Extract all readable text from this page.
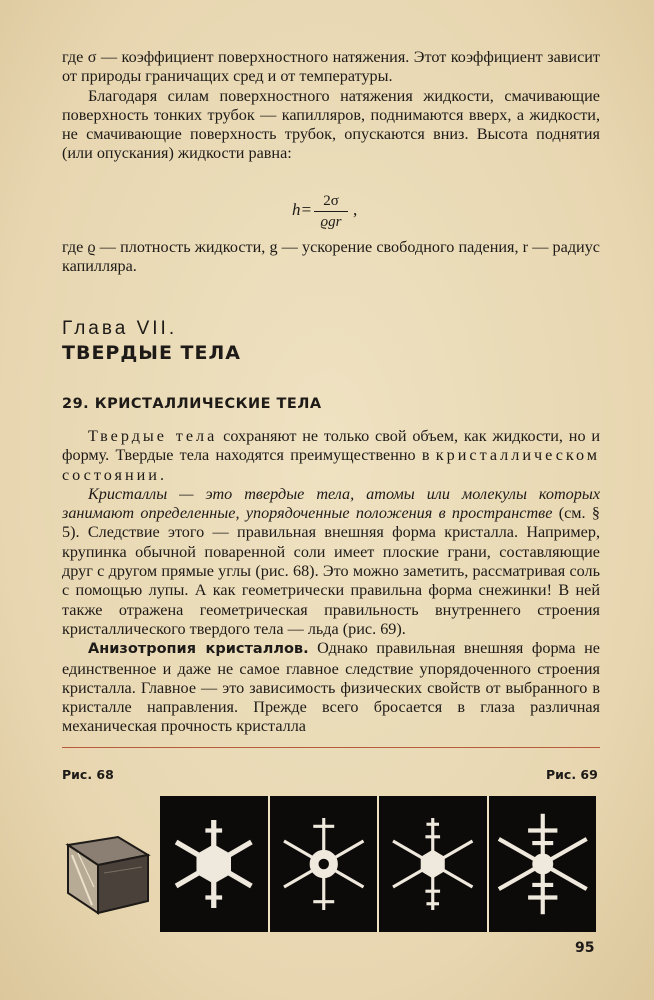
где σ — коэффициент поверхностного натяжения. Этот коэффициент зависит от природы граничащих сред и от температуры.

Благодаря силам поверхностного натяжения жидкости, смачивающие поверхность тонких трубок — капилляров, поднимаются вверх, а жидкости, не смачивающие поверхность трубок, опускаются вниз. Высота поднятия (или опускания) жидкости равна:

h= 2σ
ϱgr
,

где ϱ — плотность жидкости, g — ускорение свободного падения, r — радиус капилляра.

Глава VII.
ТВЕРДЫЕ ТЕЛА
29. КРИСТАЛЛИЧЕСКИЕ ТЕЛА

Твердые тела сохраняют не только свой объем, как жидкости, но и форму. Твердые тела находятся преимущественно в кристаллическом состоянии.

Кристаллы — это твердые тела, атомы или молекулы которых занимают определенные, упорядоченные положения в пространстве (см. § 5). Следствие этого — правильная внешняя форма кристалла. Например, крупинка обычной поваренной соли имеет плоские грани, составляющие друг с другом прямые углы (рис. 68). Это можно заметить, рассматривая соль с помощью лупы. А как геометрически правильна форма снежинки! В ней также отражена геометрическая правильность внутреннего строения кристаллического твердого тела — льда (рис. 69).

Анизотропия кристаллов. Однако правильная внешняя форма не единственное и даже не самое главное следствие упорядоченного строения кристалла. Главное — это зависимость физических свойств от выбранного в кристалле направления. Прежде всего бросается в глаза различная механическая прочность кристалла

Рис. 68	Рис. 69
95
